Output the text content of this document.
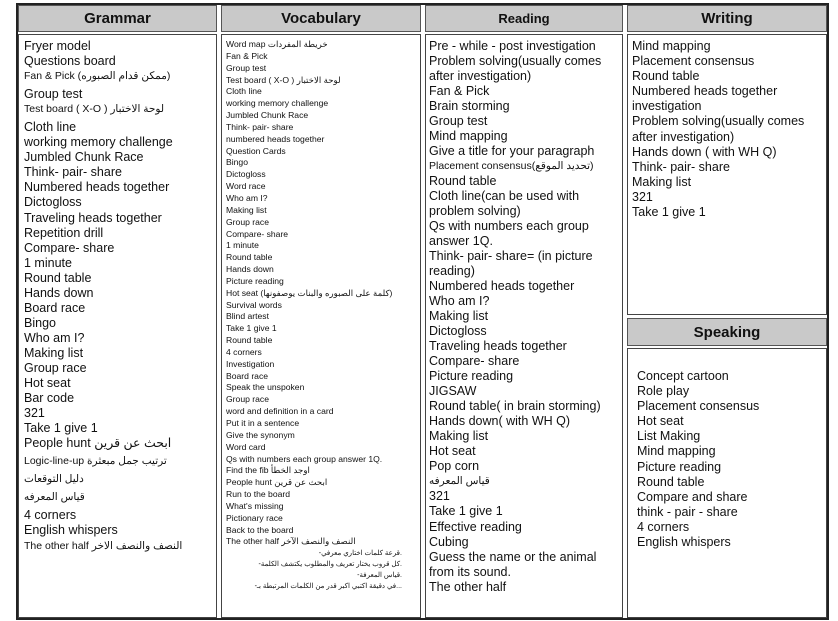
Grammar
Fryer model
Questions board
Fan & Pick (ممكن قدام الصبوره)
Group test
Test board ( X-O ) لوحة الاختبار
Cloth line
working memory challenge
Jumbled Chunk Race
Think- pair- share
Numbered heads together
Dictogloss
Traveling heads together
Repetition drill
Compare- share
1 minute
Round table
Hands down
Board race
Bingo
Who am I?
Making list
Group race
Hot seat
Bar code
321
Take 1 give 1
People hunt ابحث عن قرين
Logic-line-up ترتيب جمل مبعثرة
دليل التوقعات
قياس المعرفه
4 corners
English whispers
The other half النصف والنصف الاخر
Vocabulary
Word map خريطة المفردات
Fan & Pick
Group test
Test board ( X-O ) لوحة الاختبار
Cloth line
working memory challenge
Jumbled Chunk Race
Think- pair- share
numbered heads together
Question Cards
Bingo
Dictogloss
Word race
Who am I?
Making list
Group race
Compare- share
1 minute
Round table
Hands down
Picture reading
Hot seat (كلمة على الصبوره والبنات يوصفونها)
Survival words
Blind artest
Take 1 give 1
Round table
4 corners
Investigation
Board race
Speak the unspoken
Group race
word and definition in a card
Put it in a sentence
Give the synonym
Word card
Qs with numbers each group answer 1Q.
Find the fib اوجد الخطأ
People hunt ابحث عن قرين
Run to the board
What's missing
Pictionary race
Back to the board
The other half النصف والنصف الآخر
-قرعة كلمات اختاري معرفي.
-كل قروب يختار تعريف والمطلوب يكتشف الكلمة.
-قياس المعرفة.
-في دقيقة اكتبي اكبر قدر من الكلمات المرتبطة بـ...
Reading
Pre - while - post investigation
Problem solving(usually comes after investigation)
Fan & Pick
Brain storming
Group test
Mind mapping
Give a title for your paragraph
Placement consensus(تحديد الموقع)
Round table
Cloth line(can be used with problem solving)
Qs with numbers each group answer 1Q.
Think- pair- share= (in picture reading)
Numbered heads together
Who am I?
Making list
Dictogloss
Traveling heads together
Compare- share
Picture reading
JIGSAW
Round table( in brain storming)
Hands down( with WH Q)
Making list
Hot seat
Pop corn
قياس المعرفه
321
Take 1 give 1
Effective reading
Cubing
Guess the name or the animal from its sound.
The other half
Writing
Mind mapping
Placement consensus
Round table
Numbered heads together investigation
Problem solving(usually comes after investigation)
Hands down ( with WH Q)
Think- pair- share
Making list
321
Take 1 give 1
Speaking
Concept cartoon
Role play
Placement consensus
Hot seat
List Making
Mind mapping
Picture reading
Round table
Compare and share
think - pair - share
4 corners
English whispers
